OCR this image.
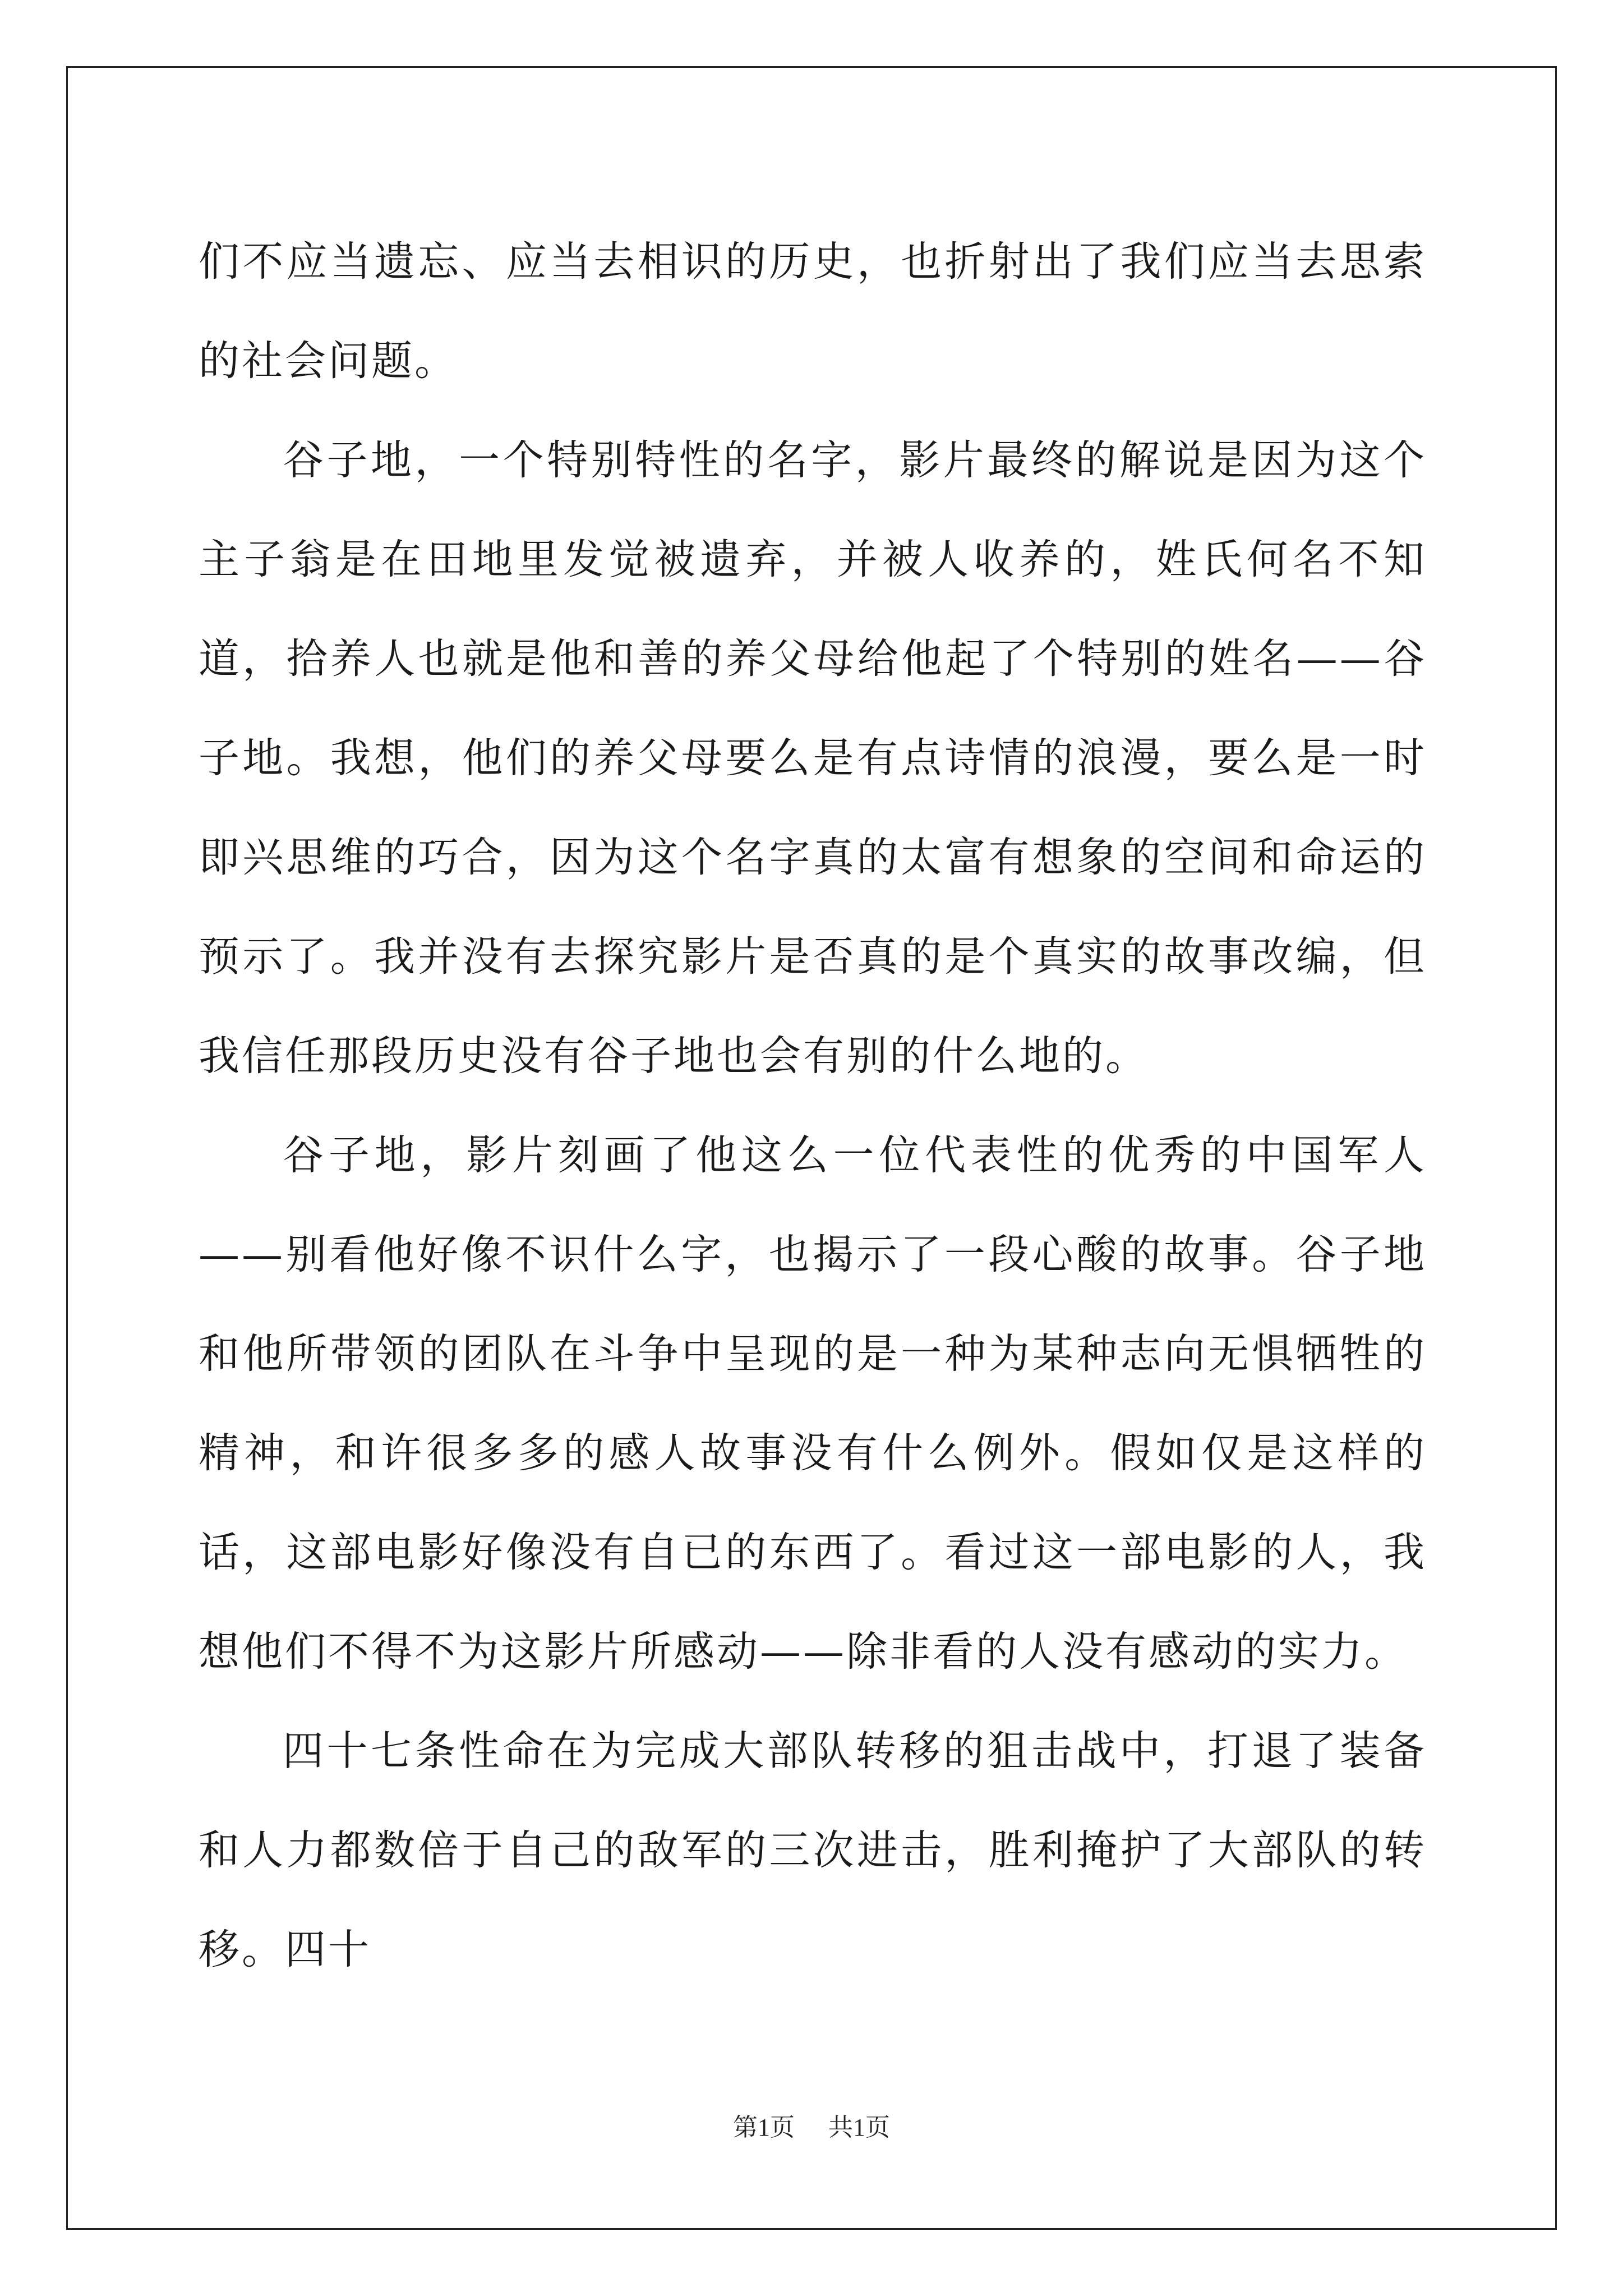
们不应当遗忘、应当去相识的历史，也折射出了我们应当去思索的社会问题。

谷子地，一个特别特性的名字，影片最终的解说是因为这个主子翁是在田地里发觉被遗弃，并被人收养的，姓氏何名不知道，拾养人也就是他和善的养父母给他起了个特别的姓名——谷子地。我想，他们的养父母要么是有点诗情的浪漫，要么是一时即兴思维的巧合，因为这个名字真的太富有想象的空间和命运的预示了。我并没有去探究影片是否真的是个真实的故事改编，但我信任那段历史没有谷子地也会有别的什么地的。

谷子地，影片刻画了他这么一位代表性的优秀的中国军人——别看他好像不识什么字，也揭示了一段心酸的故事。谷子地和他所带领的团队在斗争中呈现的是一种为某种志向无惧牺牲的精神，和许很多多的感人故事没有什么例外。假如仅是这样的话，这部电影好像没有自已的东西了。看过这一部电影的人，我想他们不得不为这影片所感动——除非看的人没有感动的实力。

四十七条性命在为完成大部队转移的狙击战中，打退了装备和人力都数倍于自己的敌军的三次进击，胜利掩护了大部队的转移。四十

第1页 共1页
